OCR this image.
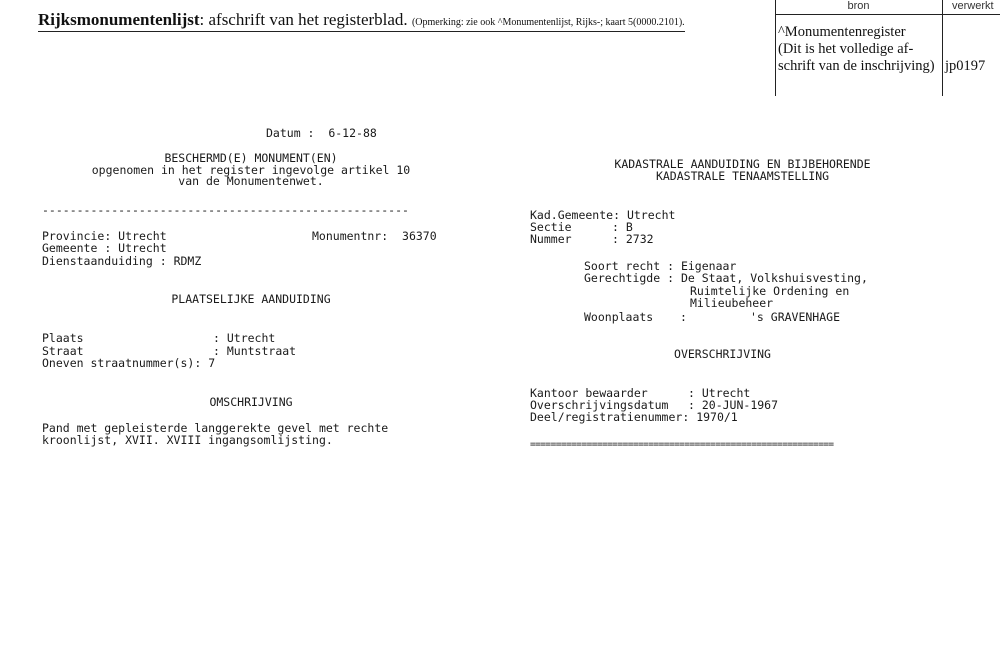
Rijksmonumentenlijst: afschrift van het registerblad. (Opmerking: zie ook ^Monumentenlijst, Rijks-; kaart 5(0000.2101).
bron	verwerkt
^Monumentenregister
(Dit is het volledige af-
schrift van de inschrijving) jp0197
Datum :  6-12-88
BESCHERMD(E) MONUMENT(EN)
opgenomen in het register ingevolge artikel 10
van de Monumentenwet.
-----------------------------------------------------
Provincie: Utrecht	Monumentnr: 36370
Gemeente : Utrecht
Dienstaanduiding : RDMZ
PLAATSELIJKE AANDUIDING
Plaats	: Utrecht
Straat	: Muntstraat
Oneven straatnummer(s): 7
OMSCHRIJVING
Pand met gepleisterde langgerekte gevel met rechte
kroonlijst, XVII. XVIII ingangsomlijsting.
KADASTRALE AANDUIDING EN BIJBEHORENDE
KADASTRALE TENAAMSTELLING
Kad.Gemeente: Utrecht
Sectie	: B
Nummer	: 2732
Soort recht : Eigenaar
Gerechtigde : De Staat, Volkshuisvesting,
Ruimtelijke Ordening en
Milieubeheer
Woonplaats :	's GRAVENHAGE
OVERSCHRIJVING
Kantoor bewaarder	: Utrecht
Overschrijvingsdatum : 20-JUN-1967
Deel/registratienummer: 1970/1
===========================================================
